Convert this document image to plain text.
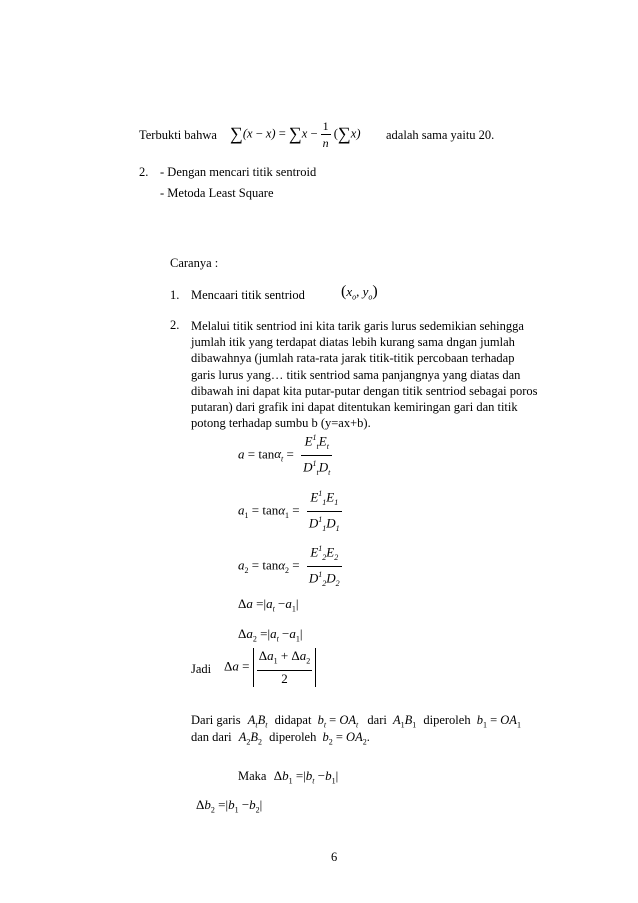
Terbukti bahwa $\sum(x - x) = \sum x - \frac{1}{n} (\sum x)$ adalah sama yaitu 20.
2. - Dengan mencari titik sentroid
- Metoda Least Square
Caranya :
1. Mencaari titik sentriod ($x_o$, $y_o$)
2. Melalui titik sentriod ini kita tarik garis lurus sedemikian sehingga
jumlah itik yang terdapat diatas lebih kurang sama dngan jumlah
dibawahnya (jumlah rata-rata jarak titik-titik percobaan terhadap
garis lurus yang… titik sentriod sama panjangnya yang diatas dan
dibawah ini dapat kita putar-putar dengan titik sentriod sebagai poros
putaran) dari grafik ini dapat ditentukan kemiringan gari dan titik
potong terhadap sumbu b (y=ax+b).
$a = \tan\alpha_t = \frac{E^1_tE_t}{D^1_tD_t}$
$a_1 = \tan\alpha_1 = \frac{E^1_1E_1}{D^1_1D_1}$
$a_2 = \tan\alpha_2 = \frac{E^1_2E_2}{D^1_2D_2}$
$\Delta a =|a_t -a_1|$
$\Delta a_2 =|a_t -a_1|$
Jadi $\Delta a = \frac{\Delta a_1 + \Delta a_2}{2}$
Dari garis $A_tB_t$ didapat $b_t = OA_t$ dari $A_1B_1$ diperoleh $b_1 = OA_1$
dan dari $A_2B_2$ diperoleh $b_2 = OA_2$.
Maka $\Delta b_1 =|b_t -b_1|$
$\Delta b_2 =|b_1 -b_2|$
6
